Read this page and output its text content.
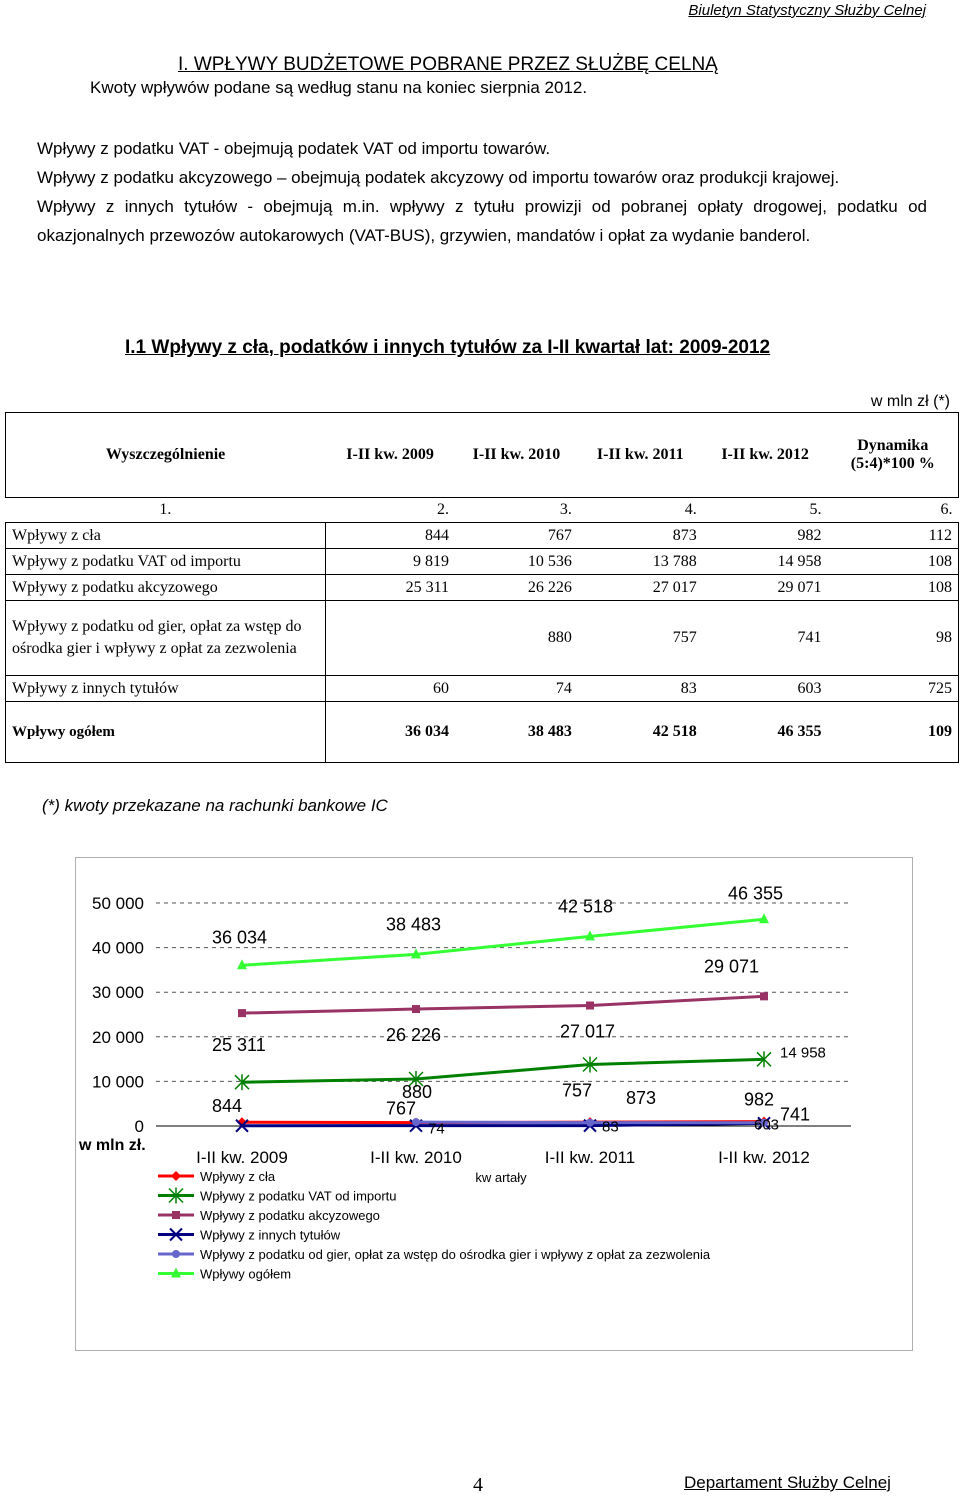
Biuletyn Statystyczny Służby Celnej
I. WPŁYWY BUDŻETOWE POBRANE PRZEZ SŁUŻBĘ CELNĄ
Kwoty wpływów podane są według stanu na koniec sierpnia 2012.

Wpływy z podatku VAT - obejmują podatek VAT od importu towarów.

Wpływy z podatku akcyzowego – obejmują podatek akcyzowy od importu towarów oraz produkcji krajowej.

Wpływy z innych tytułów - obejmują m.in. wpływy z tytułu prowizji od pobranej opłaty drogowej, podatku od okazjonalnych przewozów autokarowych (VAT-BUS), grzywien, mandatów i opłat za wydanie banderol.

I.1 Wpływy z cła, podatków i innych tytułów za I-II kwartał lat: 2009-2012
w mln zł (*)
Wyszczególnienie	I-II kw. 2009	I-II kw. 2010	I-II kw. 2011	I-II kw. 2012	Dynamika
(5:4)*100 %

1.	2.	3.	4.	5.	6.
Wpływy z cła	844	767	873	982	112
Wpływy z podatku VAT od importu	9 819	10 536	13 788	14 958	108
Wpływy z podatku akcyzowego	25 311	26 226	27 017	29 071	108
Wpływy z podatku od gier, opłat za wstęp do ośrodka gier i wpływy z opłat za zezwolenia		880	757	741	98
Wpływy z innych tytułów	60	74	83	603	725
Wpływy ogółem	36 034	38 483	42 518	46 355	109
(*) kwoty przekazane na rachunki bankowe IC
0
10 000
20 000
30 000
40 000
50 000
w mln zł.
I-II kw. 2009	I-II kw. 2010	I-II kw. 2011	I-II kw. 2012
kw artały
844	767
873	982
14 958
25 311
26 226	27 017
29 071
74	83	603
880	757
741
36 034
38 483
42 518
46 355
Wpływy z cła
Wpływy z podatku VAT od importu
Wpływy z podatku akcyzowego
Wpływy z innych tytułów
Wpływy z podatku od gier, opłat za wstęp do ośrodka gier i wpływy z opłat za zezwolenia
Wpływy ogółem
4	Departament Służby Celnej
